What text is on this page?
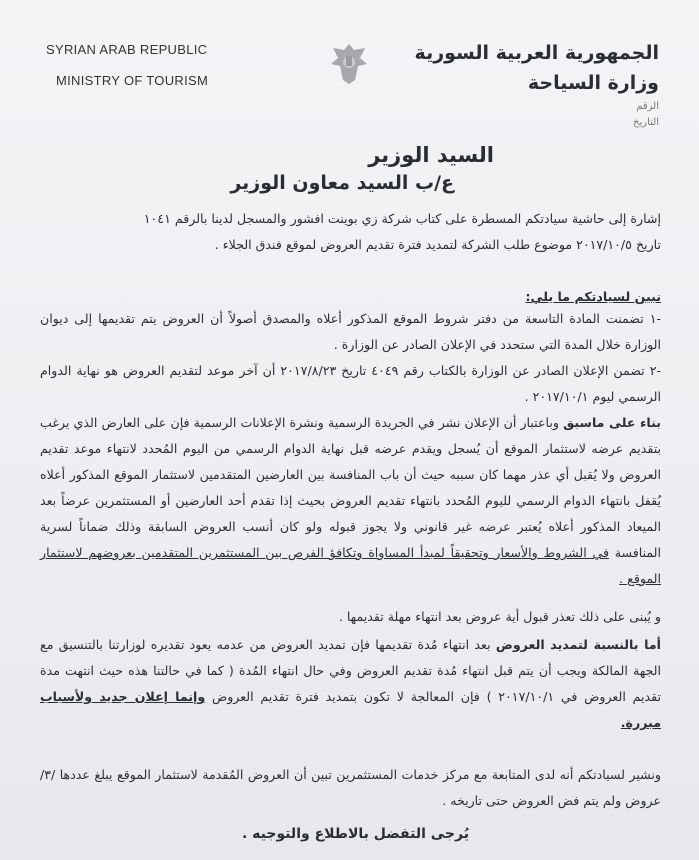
SYRIAN ARAB REPUBLIC
MINISTRY OF TOURISM
الجمهورية العربية السورية
وزارة السياحة
الرقم
التاريخ
السيد الوزير
ع/ب السيد معاون الوزير
إشارة إلى حاشية سيادتكم المسطرة على كتاب شركة زي بوينت افشور والمسجل لدينا بالرقم ١٠٤١
تاريخ ٢٠١٧/١٠/٥ موضوع طلب الشركة لتمديد فترة تقديم العروض لموقع فندق الجلاء .
نبين لسيادتكم ما يلي:
-١ تضمنت المادة التاسعة من دفتر شروط الموقع المذكور أعلاه والمصدق أصولاً أن العروض يتم تقديمها إلى ديوان الوزارة خلال المدة التي ستحدد في الإعلان الصادر عن الوزارة .
-٢ تضمن الإعلان الصادر عن الوزارة بالكتاب رقم ٤٠٤٩ تاريخ ٢٠١٧/٨/٢٣ أن آخر موعد لتقديم العروض هو نهاية الدوام الرسمي ليوم ٢٠١٧/١٠/١ .
بناء على ماسبق وباعتبار أن الإعلان نشر في الجريدة الرسمية ونشرة الإعلانات الرسمية فإن على العارض الذي يرغب بتقديم عرضه لاستثمار الموقع أن يُسجل ويقدم عرضه قبل نهاية الدوام الرسمي من اليوم المُحدد لانتهاء موعد تقديم العروض ولا يُقبل أي عذر مهما كان سببه حيث أن باب المنافسة بين العارضين المتقدمين لاستثمار الموقع المذكور أعلاه يُقفل بانتهاء الدوام الرسمي لليوم المُحدد بانتهاء تقديم العروض بحيث إذا تقدم أحد العارضين أو المستثمرين عرضاً بعد الميعاد المذكور أعلاه يُعتبر عرضه غير قانوني ولا يجوز قبوله ولو كان أنسب العروض السابقة وذلك ضماناً لسرية المنافسة في الشروط والأسعار وتحقيقاً لمبدأ المساواة وتكافؤ الفرص بين المستثمرين المتقدمين بعروضهم لاستثمار الموقع .
و يُبنى على ذلك تعذر قبول أية عروض بعد انتهاء مهلة تقديمها .
أما بالنسبة لتمديد العروض بعد انتهاء مُدة تقديمها فإن تمديد العروض من عدمه يعود تقديره لوزارتنا بالتنسيق مع الجهة المالكة ويجب أن يتم قبل انتهاء مُدة تقديم العروض وفي حال انتهاء المُدة ( كما في حالتنا هذه حيث انتهت مدة تقديم العروض في ٢٠١٧/١٠/١ ) فإن المعالجة لا تكون بتمديد فترة تقديم العروض وإنما إعلان جديد ولأسباب مبررة.
ونشير لسيادتكم أنه لدى المتابعة مع مركز خدمات المستثمرين تبين أن العروض المُقدمة لاستثمار الموقع يبلغ عددها /٣/ عروض ولم يتم فض العروض حتى تاريخه .
يُرجى التفضل بالاطلاع والتوجيه .
